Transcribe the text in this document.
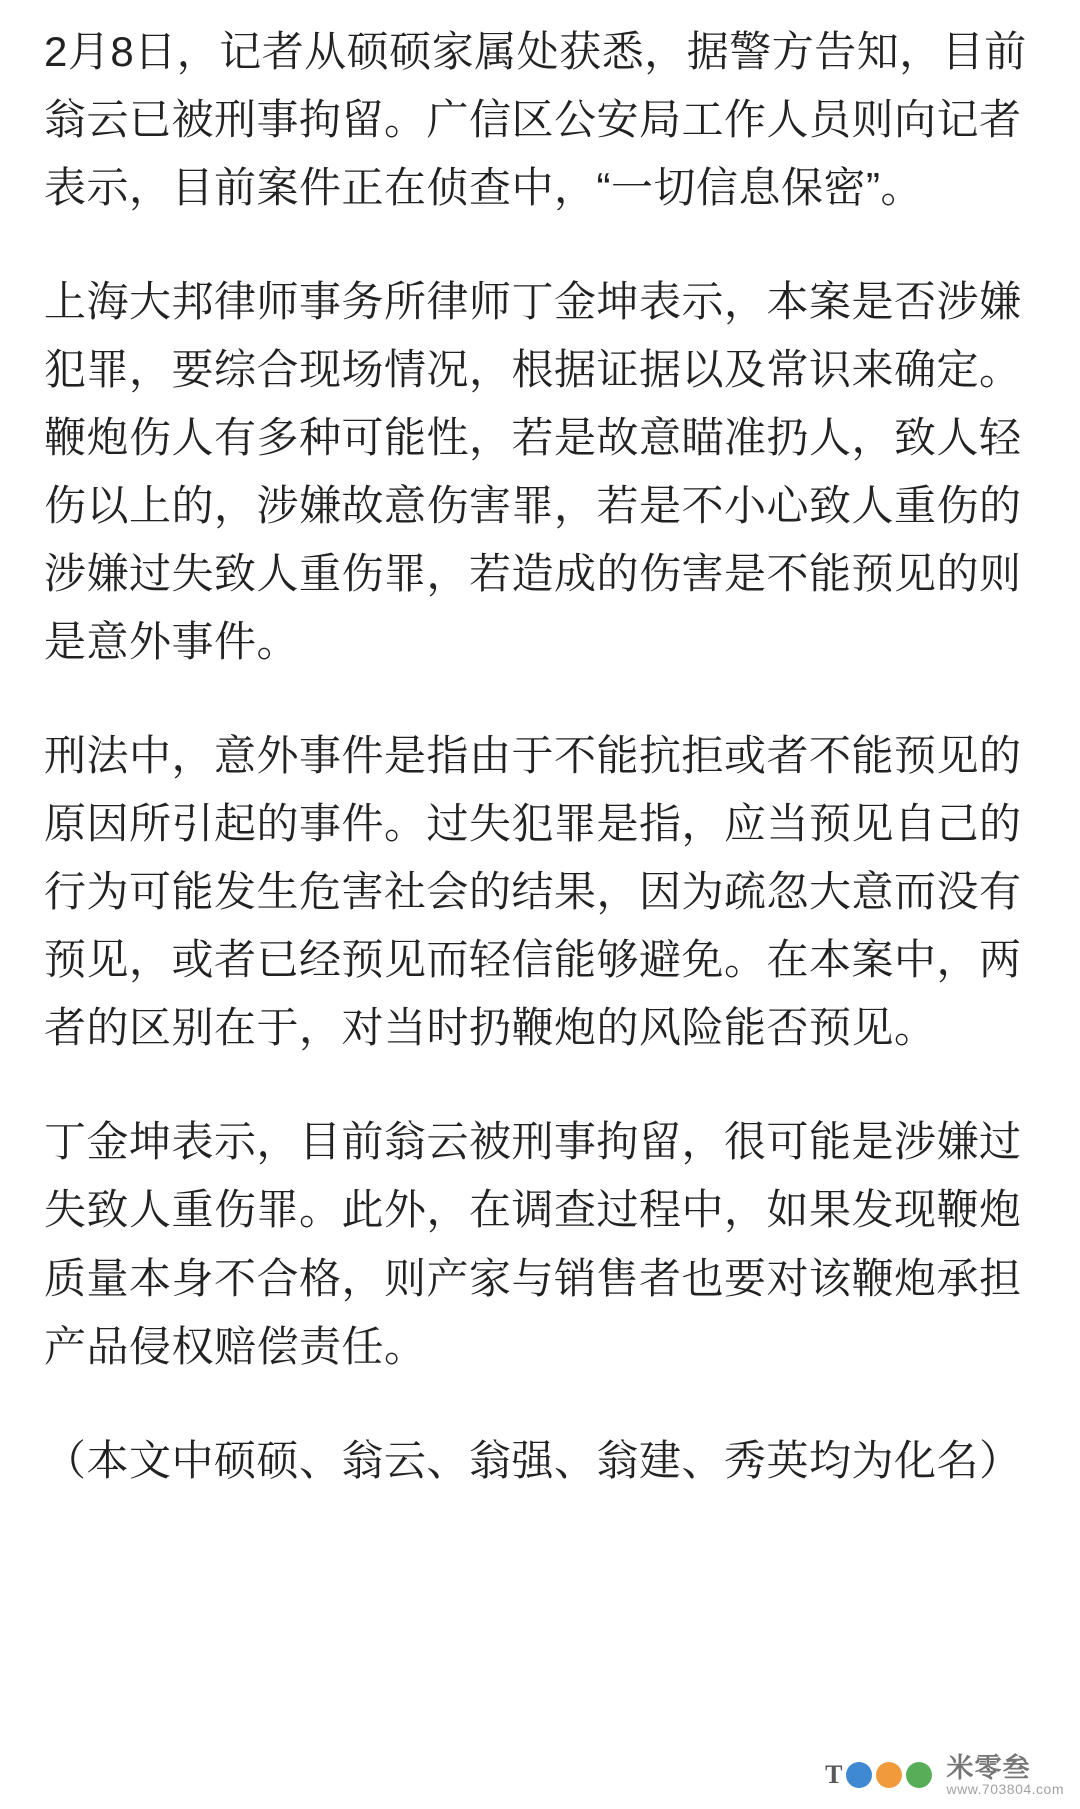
2月8日，记者从硕硕家属处获悉，据警方告知，目前翁云已被刑事拘留。广信区公安局工作人员则向记者表示，目前案件正在侦查中，“一切信息保密”。

上海大邦律师事务所律师丁金坤表示，本案是否涉嫌犯罪，要综合现场情况，根据证据以及常识来确定。鞭炮伤人有多种可能性，若是故意瞄准扔人，致人轻伤以上的，涉嫌故意伤害罪，若是不小心致人重伤的涉嫌过失致人重伤罪，若造成的伤害是不能预见的则是意外事件。

刑法中，意外事件是指由于不能抗拒或者不能预见的原因所引起的事件。过失犯罪是指，应当预见自己的行为可能发生危害社会的结果，因为疏忽大意而没有预见，或者已经预见而轻信能够避免。在本案中，两者的区别在于，对当时扔鞭炮的风险能否预见。

丁金坤表示，目前翁云被刑事拘留，很可能是涉嫌过失致人重伤罪。此外，在调查过程中，如果发现鞭炮质量本身不合格，则产家与销售者也要对该鞭炮承担产品侵权赔偿责任。

（本文中硕硕、翁云、翁强、翁建、秀英均为化名）

T	米零叁
www.703804.com
